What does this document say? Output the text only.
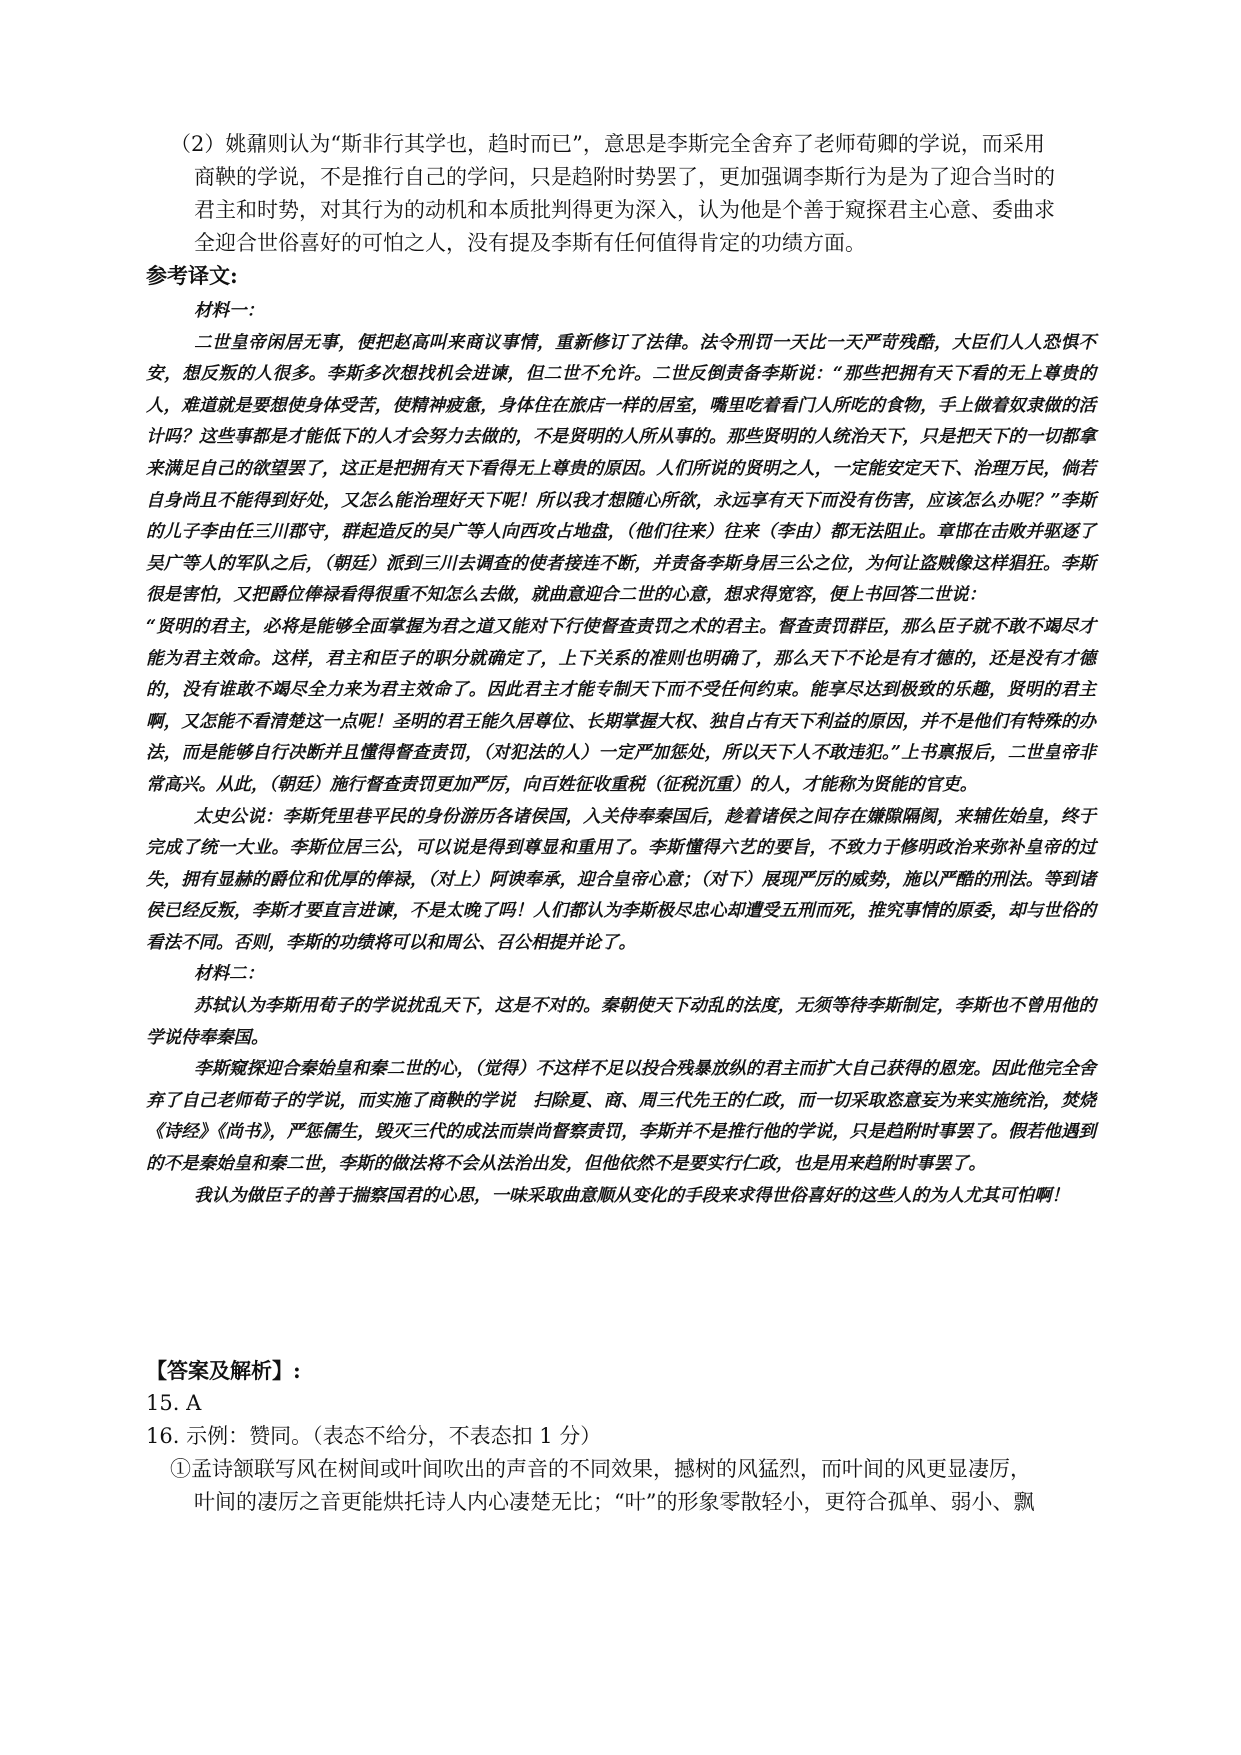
（2）姚鼐则认为“斯非行其学也，趋时而已”，意思是李斯完全舍弃了老师荀卿的学说，而采用
商鞅的学说，不是推行自己的学问，只是趋附时势罢了，更加强调李斯行为是为了迎合当时的
君主和时势，对其行为的动机和本质批判得更为深入，认为他是个善于窥探君主心意、委曲求
全迎合世俗喜好的可怕之人，没有提及李斯有任何值得肯定的功绩方面。
参考译文:
材料一：

二世皇帝闲居无事，便把赵高叫来商议事情，重新修订了法律。法令刑罚一天比一天严苛残酷，大臣们人人恐惧不安，想反叛的人很多。李斯多次想找机会进谏，但二世不允许。二世反倒责备李斯说：“那些把拥有天下看的无上尊贵的人，难道就是要想使身体受苦，使精神疲惫，身体住在旅店一样的居室，嘴里吃着看门人所吃的食物，手上做着奴隶做的活计吗？这些事都是才能低下的人才会努力去做的，不是贤明的人所从事的。那些贤明的人统治天下，只是把天下的一切都拿来满足自己的欲望罢了，这正是把拥有天下看得无上尊贵的原因。人们所说的贤明之人，一定能安定天下、治理万民，倘若自身尚且不能得到好处，又怎么能治理好天下呢！所以我才想随心所欲，永远享有天下而没有伤害，应该怎么办呢？”李斯的儿子李由任三川郡守，群起造反的吴广等人向西攻占地盘，（他们往来）往来（李由）都无法阻止。章邯在击败并驱逐了吴广等人的军队之后，（朝廷）派到三川去调查的使者接连不断，并责备李斯身居三公之位，为何让盗贼像这样猖狂。李斯很是害怕，又把爵位俸禄看得很重不知怎么去做，就曲意迎合二世的心意，想求得宽容，便上书回答二世说：

“贤明的君主，必将是能够全面掌握为君之道又能对下行使督查责罚之术的君主。督查责罚群臣，那么臣子就不敢不竭尽才能为君主效命。这样，君主和臣子的职分就确定了，上下关系的准则也明确了，那么天下不论是有才德的，还是没有才德的，没有谁敢不竭尽全力来为君主效命了。因此君主才能专制天下而不受任何约束。能享尽达到极致的乐趣，贤明的君主啊，又怎能不看清楚这一点呢！圣明的君王能久居尊位、长期掌握大权、独自占有天下利益的原因，并不是他们有特殊的办法，而是能够自行决断并且懂得督查责罚，（对犯法的人）一定严加惩处，所以天下人不敢违犯。”上书禀报后，二世皇帝非常高兴。从此，（朝廷）施行督查责罚更加严厉，向百姓征收重税（征税沉重）的人，才能称为贤能的官吏。

太史公说：李斯凭里巷平民的身份游历各诸侯国，入关侍奉秦国后，趁着诸侯之间存在嫌隙隔阂，来辅佐始皇，终于完成了统一大业。李斯位居三公，可以说是得到尊显和重用了。李斯懂得六艺的要旨，不致力于修明政治来弥补皇帝的过失，拥有显赫的爵位和优厚的俸禄，（对上）阿谀奉承，迎合皇帝心意；（对下）展现严厉的威势，施以严酷的刑法。等到诸侯已经反叛，李斯才要直言进谏，不是太晚了吗！人们都认为李斯极尽忠心却遭受五刑而死，推究事情的原委，却与世俗的看法不同。否则，李斯的功绩将可以和周公、召公相提并论了。

材料二：

苏轼认为李斯用荀子的学说扰乱天下，这是不对的。秦朝使天下动乱的法度，无须等待李斯制定，李斯也不曾用他的学说侍奉秦国。

李斯窥探迎合秦始皇和秦二世的心，（觉得）不这样不足以投合残暴放纵的君主而扩大自己获得的恩宠。因此他完全舍弃了自己老师荀子的学说，而实施了商鞅的学说　扫除夏、商、周三代先王的仁政，而一切采取恣意妄为来实施统治，焚烧《诗经》《尚书》，严惩儒生，毁灭三代的成法而崇尚督察责罚，李斯并不是推行他的学说，只是趋附时事罢了。假若他遇到的不是秦始皇和秦二世，李斯的做法将不会从法治出发，但他依然不是要实行仁政，也是用来趋附时事罢了。

我认为做臣子的善于揣察国君的心思，一味采取曲意顺从变化的手段来求得世俗喜好的这些人的为人尤其可怕啊！

【答案及解析】:
15. A
16. 示例：赞同。（表态不给分，不表态扣 1 分）
①孟诗颔联写风在树间或叶间吹出的声音的不同效果，撼树的风猛烈，而叶间的风更显凄厉，
叶间的凄厉之音更能烘托诗人内心凄楚无比；“叶”的形象零散轻小，更符合孤单、弱小、飘
